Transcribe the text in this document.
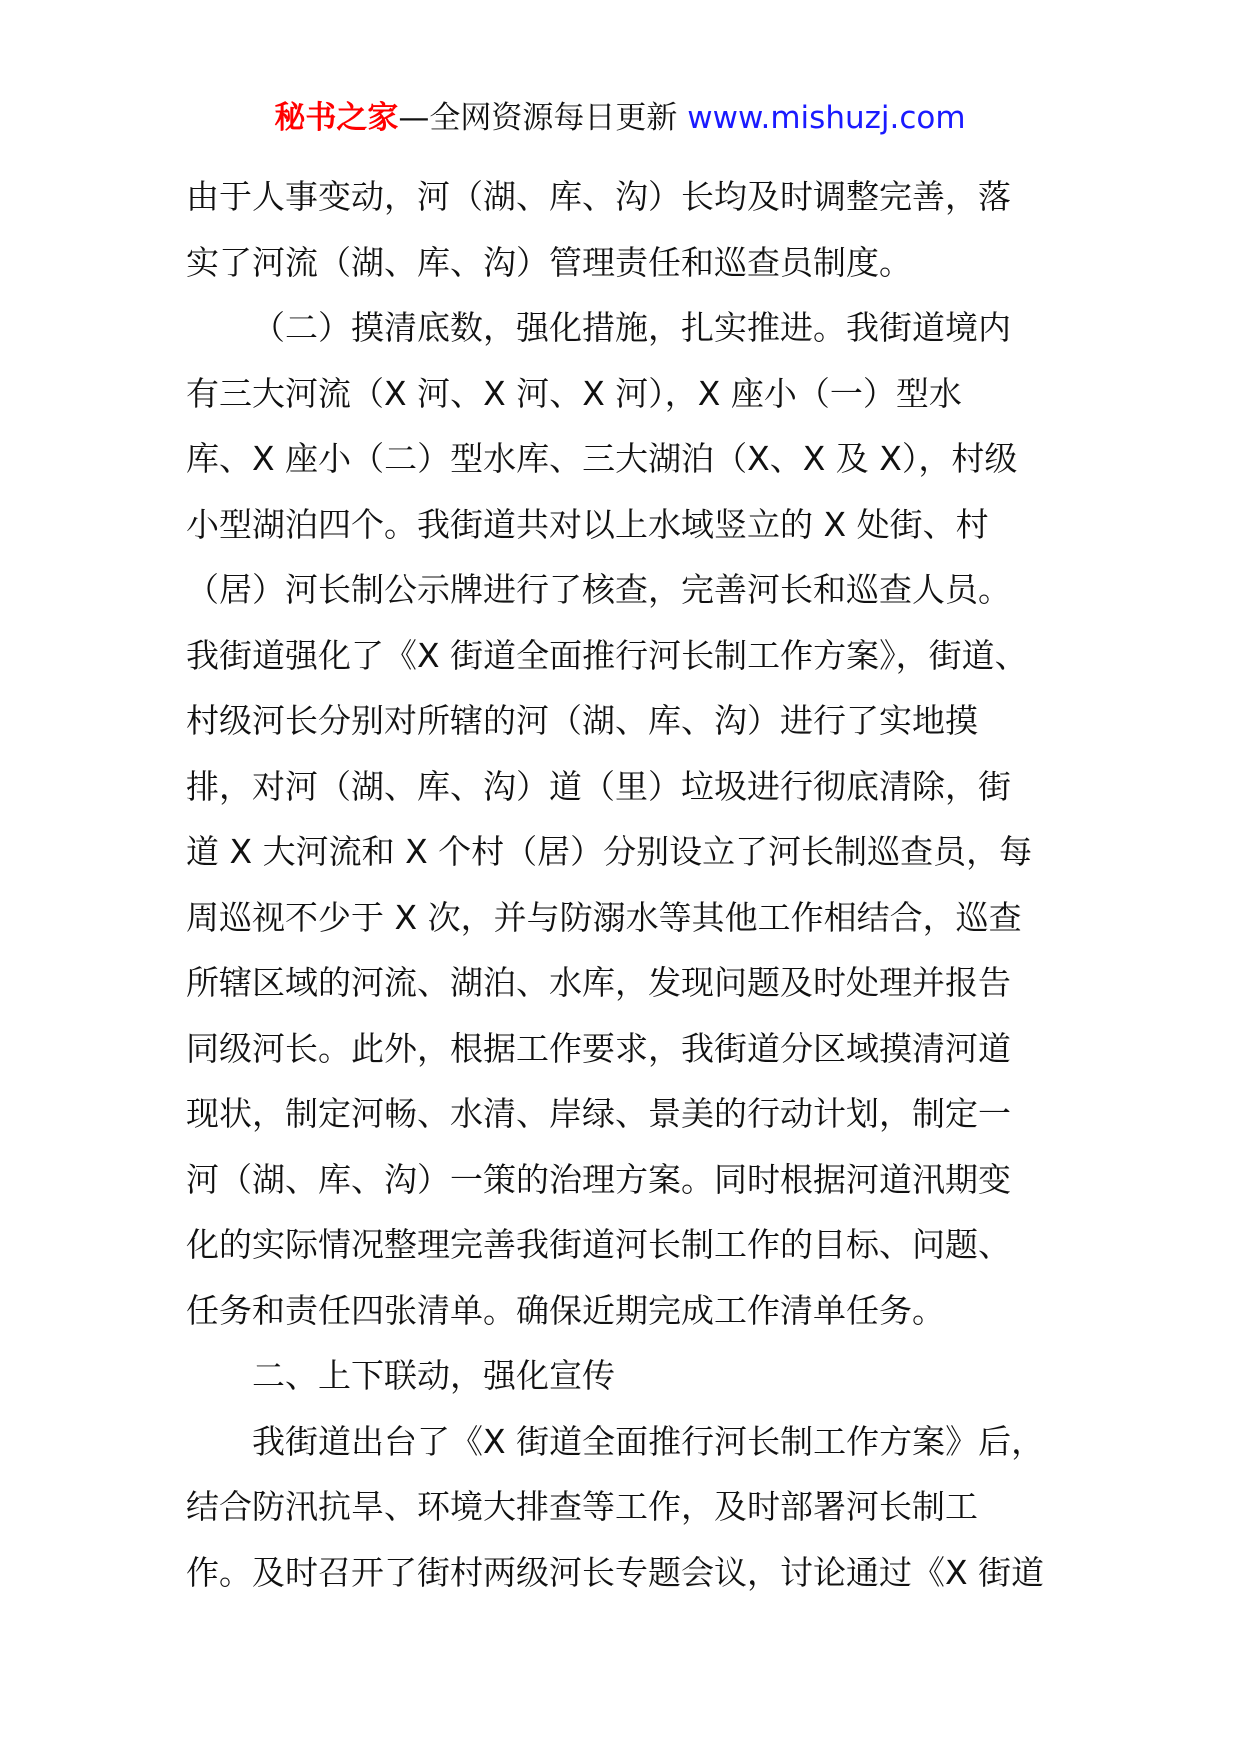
秘书之家—全网资源每日更新 www.mishuzj.com
由于人事变动，河（湖、库、沟）长均及时调整完善，落
实了河流（湖、库、沟）管理责任和巡查员制度。
（二）摸清底数，强化措施，扎实推进。我街道境内
有三大河流（X 河、X 河、X 河），X 座小（一）型水
库、X 座小（二）型水库、三大湖泊（X、X 及 X），村级
小型湖泊四个。我街道共对以上水域竖立的 X 处街、村
（居）河长制公示牌进行了核查，完善河长和巡查人员。
我街道强化了《X 街道全面推行河长制工作方案》，街道、
村级河长分别对所辖的河（湖、库、沟）进行了实地摸
排，对河（湖、库、沟）道（里）垃圾进行彻底清除，街
道 X 大河流和 X 个村（居）分别设立了河长制巡查员，每
周巡视不少于 X 次，并与防溺水等其他工作相结合，巡查
所辖区域的河流、湖泊、水库，发现问题及时处理并报告
同级河长。此外，根据工作要求，我街道分区域摸清河道
现状，制定河畅、水清、岸绿、景美的行动计划，制定一
河（湖、库、沟）一策的治理方案。同时根据河道汛期变
化的实际情况整理完善我街道河长制工作的目标、问题、
任务和责任四张清单。确保近期完成工作清单任务。
二、上下联动，强化宣传
我街道出台了《X 街道全面推行河长制工作方案》后，
结合防汛抗旱、环境大排查等工作，及时部署河长制工
作。及时召开了街村两级河长专题会议，讨论通过《X 街道
